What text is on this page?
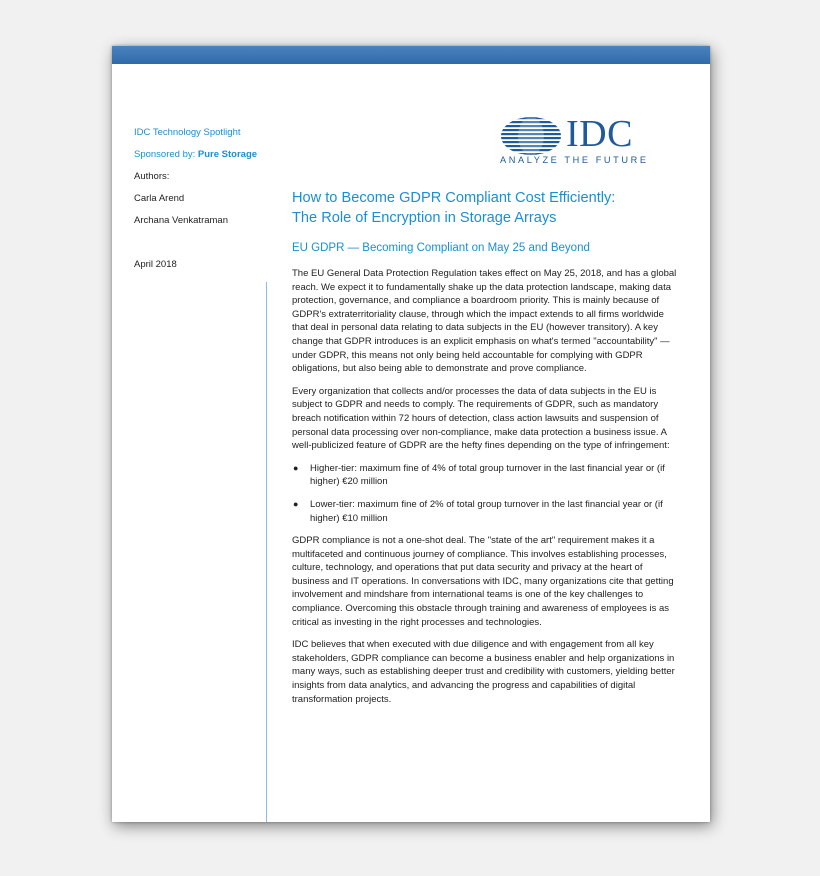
IDC Technology Spotlight
Sponsored by: Pure Storage
Authors:
Carla Arend
Archana Venkatraman
April 2018
IDC
ANALYZE THE FUTURE
How to Become GDPR Compliant Cost Efficiently:
The Role of Encryption in Storage Arrays
EU GDPR — Becoming Compliant on May 25 and Beyond

The EU General Data Protection Regulation takes effect on May 25, 2018, and has a global reach. We expect it to fundamentally shake up the data protection landscape, making data protection, governance, and compliance a boardroom priority. This is mainly because of GDPR's extraterritoriality clause, through which the impact extends to all firms worldwide that deal in personal data relating to data subjects in the EU (however transitory). A key change that GDPR introduces is an explicit emphasis on what's termed "accountability" — under GDPR, this means not only being held accountable for complying with GDPR obligations, but also being able to demonstrate and prove compliance.

Every organization that collects and/or processes the data of data subjects in the EU is subject to GDPR and needs to comply. The requirements of GDPR, such as mandatory breach notification within 72 hours of detection, class action lawsuits and suspension of personal data processing over non-compliance, make data protection a business issue. A well-publicized feature of GDPR are the hefty fines depending on the type of infringement:

● Higher-tier: maximum fine of 4% of total group turnover in the last financial year or (if higher) €20 million
● Lower-tier: maximum fine of 2% of total group turnover in the last financial year or (if higher) €10 million

GDPR compliance is not a one-shot deal. The "state of the art" requirement makes it a multifaceted and continuous journey of compliance. This involves establishing processes, culture, technology, and operations that put data security and privacy at the heart of business and IT operations. In conversations with IDC, many organizations cite that getting involvement and mindshare from international teams is one of the key challenges to compliance. Overcoming this obstacle through training and awareness of employees is as critical as investing in the right processes and technologies.

IDC believes that when executed with due diligence and with engagement from all key stakeholders, GDPR compliance can become a business enabler and help organizations in many ways, such as establishing deeper trust and credibility with customers, yielding better insights from data analytics, and advancing the progress and capabilities of digital transformation projects.
